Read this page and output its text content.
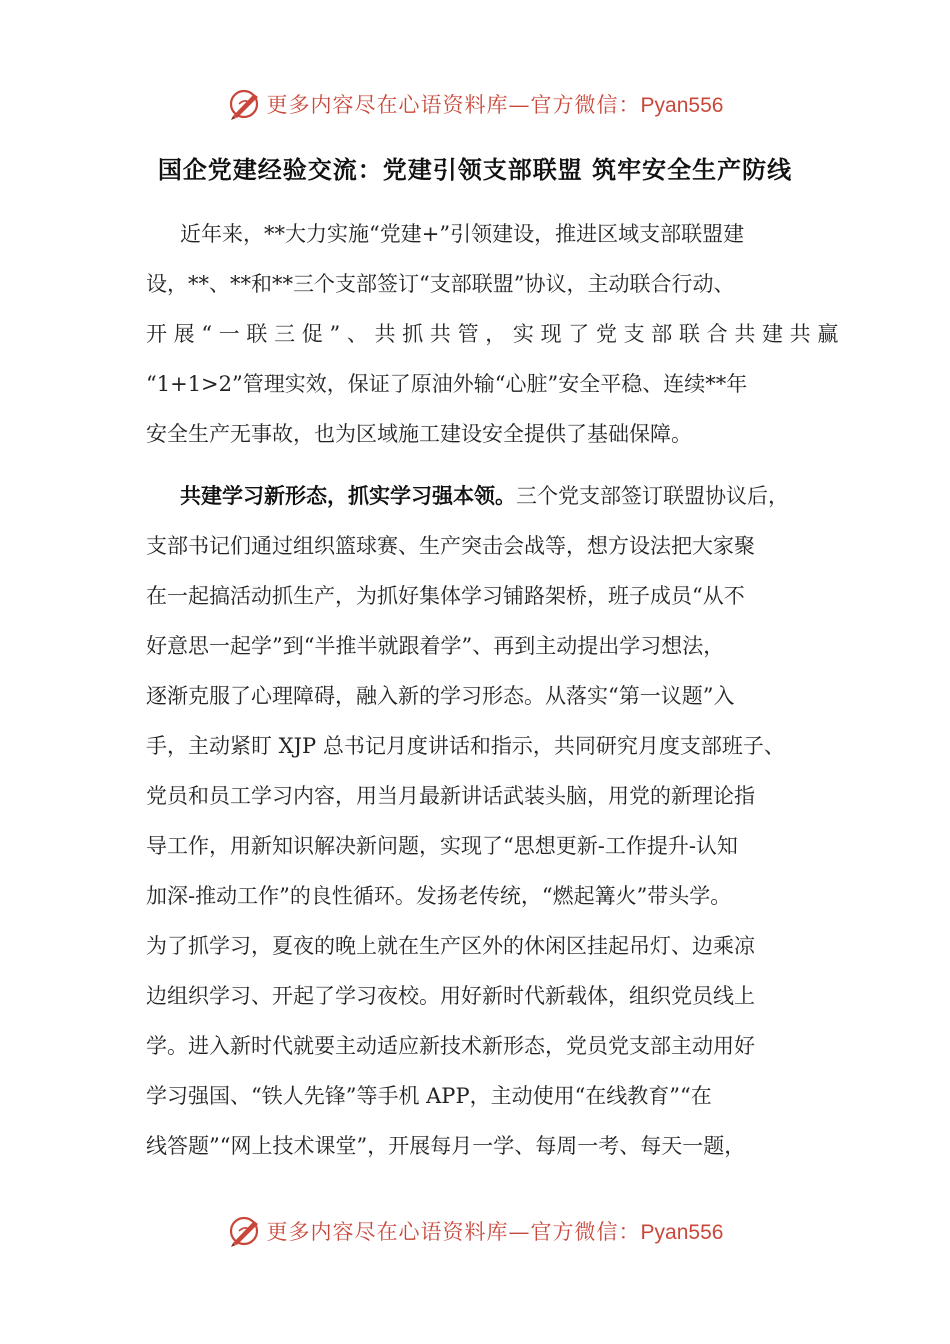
更多内容尽在心语资料库—官方微信：Pyan556
国企党建经验交流：党建引领支部联盟 筑牢安全生产防线
近年来，**大力实施“党建+”引领建设，推进区域支部联盟建
设，**、**和**三个支部签订“支部联盟”协议，主动联合行动、
开 展 “ 一 联 三 促 ” 、 共 抓 共 管 ， 实 现 了 党 支 部 联 合 共 建 共 赢
“1+1>2”管理实效，保证了原油外输“心脏”安全平稳、连续**年
安全生产无事故，也为区域施工建设安全提供了基础保障。
共建学习新形态，抓实学习强本领。三个党支部签订联盟协议后，
支部书记们通过组织篮球赛、生产突击会战等，想方设法把大家聚
在一起搞活动抓生产，为抓好集体学习铺路架桥，班子成员“从不
好意思一起学”到“半推半就跟着学”、再到主动提出学习想法，
逐渐克服了心理障碍，融入新的学习形态。从落实“第一议题”入
手，主动紧盯 XJP 总书记月度讲话和指示，共同研究月度支部班子、
党员和员工学习内容，用当月最新讲话武装头脑，用党的新理论指
导工作，用新知识解决新问题，实现了“思想更新-工作提升-认知
加深-推动工作”的良性循环。发扬老传统，“燃起篝火”带头学。
为了抓学习，夏夜的晚上就在生产区外的休闲区挂起吊灯、边乘凉
边组织学习、开起了学习夜校。用好新时代新载体，组织党员线上
学。进入新时代就要主动适应新技术新形态，党员党支部主动用好
学习强国、“铁人先锋”等手机 APP，主动使用“在线教育”“在
线答题”“网上技术课堂”，开展每月一学、每周一考、每天一题，
更多内容尽在心语资料库—官方微信：Pyan556
